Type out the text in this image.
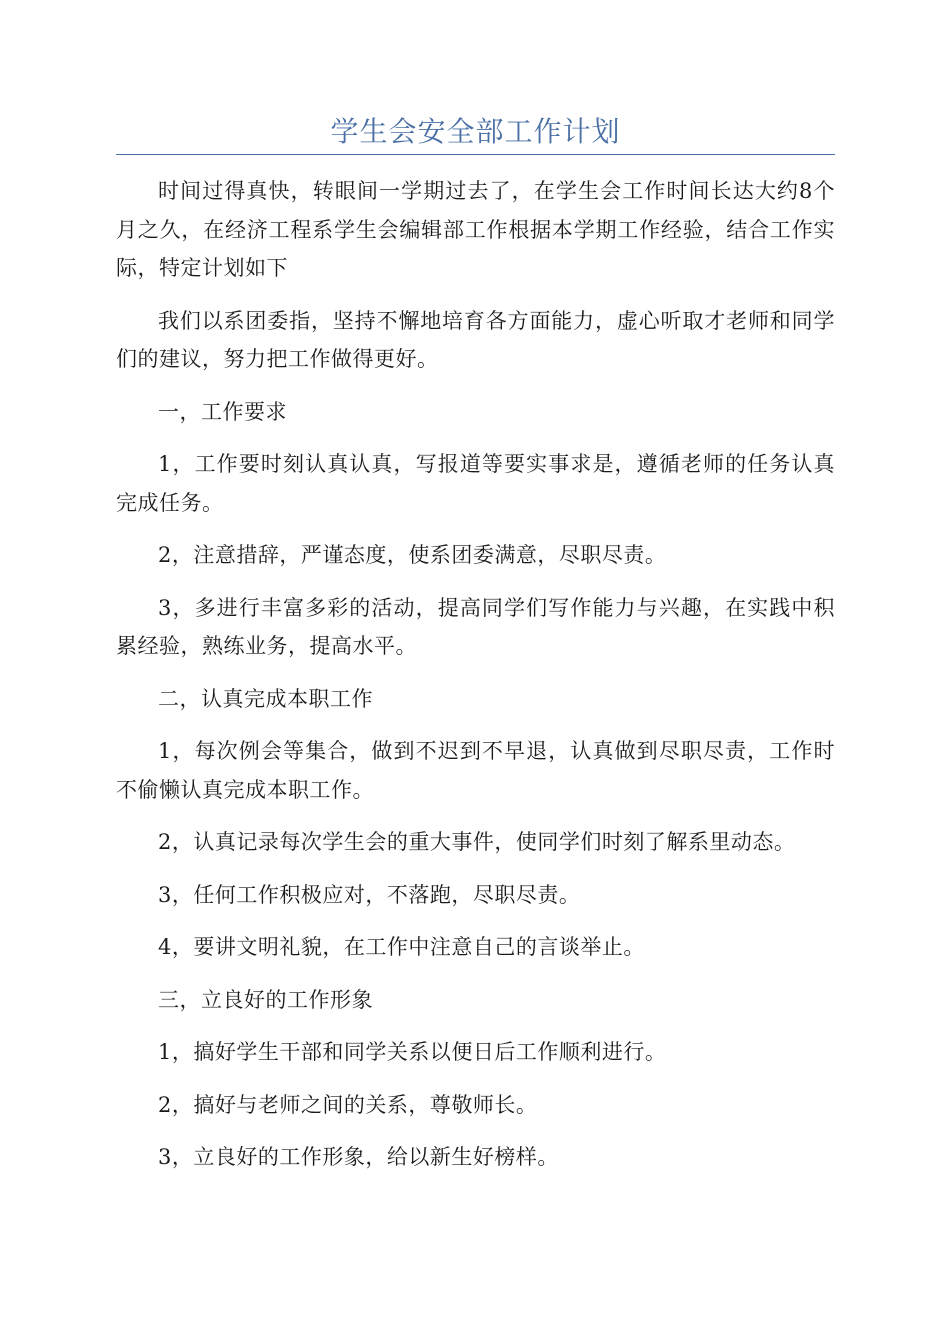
学生会安全部工作计划

时间过得真快，转眼间一学期过去了，在学生会工作时间长达大约8个月之久，在经济工程系学生会编辑部工作根据本学期工作经验，结合工作实际，特定计划如下

我们以系团委指，坚持不懈地培育各方面能力，虚心听取才老师和同学们的建议，努力把工作做得更好。

一，工作要求

1，工作要时刻认真认真，写报道等要实事求是，遵循老师的任务认真完成任务。

2，注意措辞，严谨态度，使系团委满意，尽职尽责。

3，多进行丰富多彩的活动，提高同学们写作能力与兴趣，在实践中积累经验，熟练业务，提高水平。

二，认真完成本职工作

1，每次例会等集合，做到不迟到不早退，认真做到尽职尽责，工作时不偷懒认真完成本职工作。

2，认真记录每次学生会的重大事件，使同学们时刻了解系里动态。

3，任何工作积极应对，不落跑，尽职尽责。

4，要讲文明礼貌，在工作中注意自己的言谈举止。

三，立良好的工作形象

1，搞好学生干部和同学关系以便日后工作顺利进行。

2，搞好与老师之间的关系，尊敬师长。

3，立良好的工作形象，给以新生好榜样。
